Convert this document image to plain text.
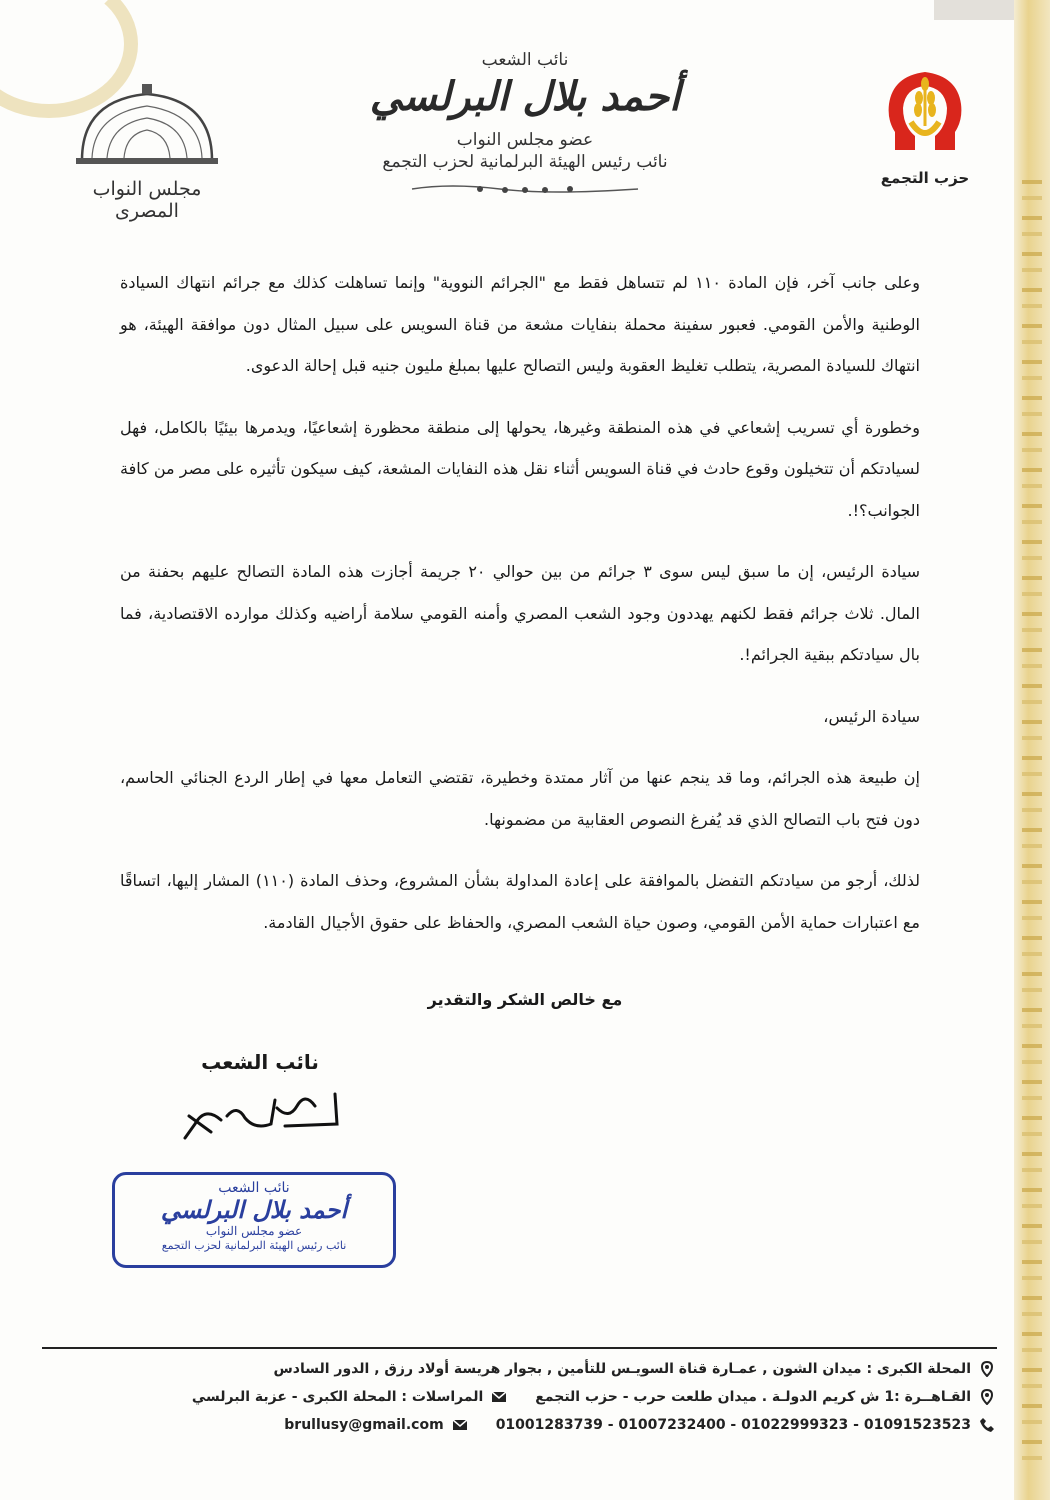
حزب التجمع
نائب الشعب
أحمد بلال البرلسي
عضو مجلس النواب
نائب رئيس الهيئة البرلمانية لحزب التجمع
مجلس النواب المصرى

وعلى جانب آخر، فإن المادة ١١٠ لم تتساهل فقط مع "الجرائم النووية" وإنما تساهلت كذلك مع جرائم انتهاك السيادة الوطنية والأمن القومي. فعبور سفينة محملة بنفايات مشعة من قناة السويس على سبيل المثال دون موافقة الهيئة، هو انتهاك للسيادة المصرية، يتطلب تغليظ العقوبة وليس التصالح عليها بمبلغ مليون جنيه قبل إحالة الدعوى.

وخطورة أي تسريب إشعاعي في هذه المنطقة وغيرها، يحولها إلى منطقة محظورة إشعاعيًا، ويدمرها بيئيًا بالكامل، فهل لسيادتكم أن تتخيلون وقوع حادث في قناة السويس أثناء نقل هذه النفايات المشعة، كيف سيكون تأثيره على مصر من كافة الجوانب؟!.

سيادة الرئيس، إن ما سبق ليس سوى ٣ جرائم من بين حوالي ٢٠ جريمة أجازت هذه المادة التصالح عليهم بحفنة من المال. ثلاث جرائم فقط لكنهم يهددون وجود الشعب المصري وأمنه القومي سلامة أراضيه وكذلك موارده الاقتصادية، فما بال سيادتكم ببقية الجرائم!.

سيادة الرئيس،

إن طبيعة هذه الجرائم، وما قد ينجم عنها من آثار ممتدة وخطيرة، تقتضي التعامل معها في إطار الردع الجنائي الحاسم، دون فتح باب التصالح الذي قد يُفرغ النصوص العقابية من مضمونها.

لذلك، أرجو من سيادتكم التفضل بالموافقة على إعادة المداولة بشأن المشروع، وحذف المادة (١١٠) المشار إليها، اتساقًا مع اعتبارات حماية الأمن القومي، وصون حياة الشعب المصري، والحفاظ على حقوق الأجيال القادمة.

مع خالص الشكر والتقدير
نائب الشعب
نائب الشعب
أحمد بلال البرلسي
عضو مجلس النواب
نائب رئيس الهيئة البرلمانية لحزب التجمع
المحلة الكبرى : ميدان الشون , عمـارة قناة السويـس للتأمين , بجوار هريسة أولاد رزق , الدور السادس
القـاهــرة :1 ش كريم الدولـة . ميدان طلعت حرب - حزب التجمعالمراسلات : المحلة الكبرى - عزبة البرلسي
01091523523 - 01022999323 - 01007232400 - 01001283739brullusy@gmail.com
